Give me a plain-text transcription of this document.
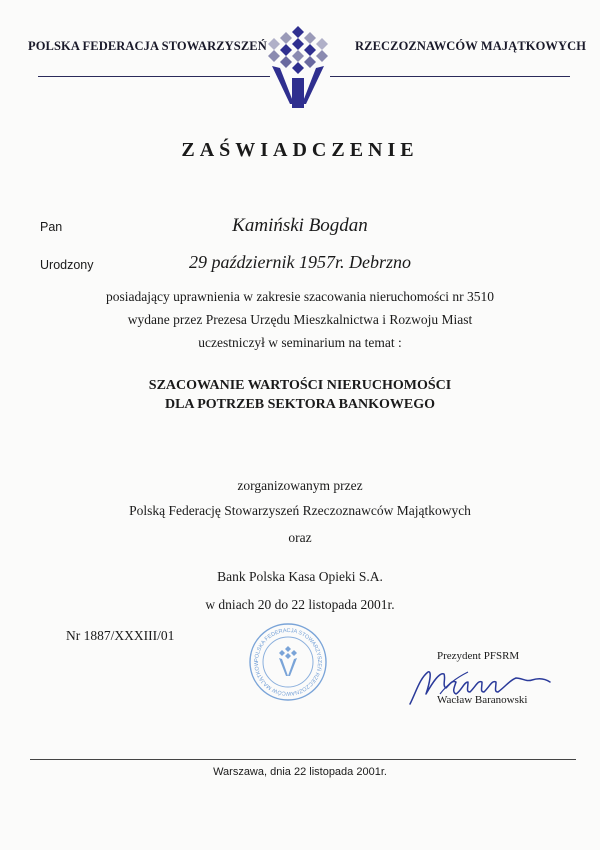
POLSKA FEDERACJA STOWARZYSZEŃ	RZECZOZNAWCÓW MAJĄTKOWYCH
ZAŚWIADCZENIE
Pan	Kamiński Bogdan
Urodzony	29 październik 1957r. Debrzno
posiadający uprawnienia w zakresie szacowania nieruchomości nr 3510
wydane przez Prezesa Urzędu Mieszkalnictwa i Rozwoju Miast
uczestniczył w seminarium na temat :
SZACOWANIE WARTOŚCI NIERUCHOMOŚCI
DLA POTRZEB SEKTORA BANKOWEGO
zorganizowanym przez
Polską Federację Stowarzyszeń Rzeczoznawców Majątkowych
oraz
Bank Polska Kasa Opieki S.A.
w dniach 20 do 22 listopada 2001r.
Nr 1887/XXXIII/01
POLSKA FEDERACJA STOWARZYSZEŃ RZECZOZNAWCÓW MAJĄTKOW
Prezydent PFSRM
Wacław Baranowski
Warszawa, dnia 22 listopada 2001r.
